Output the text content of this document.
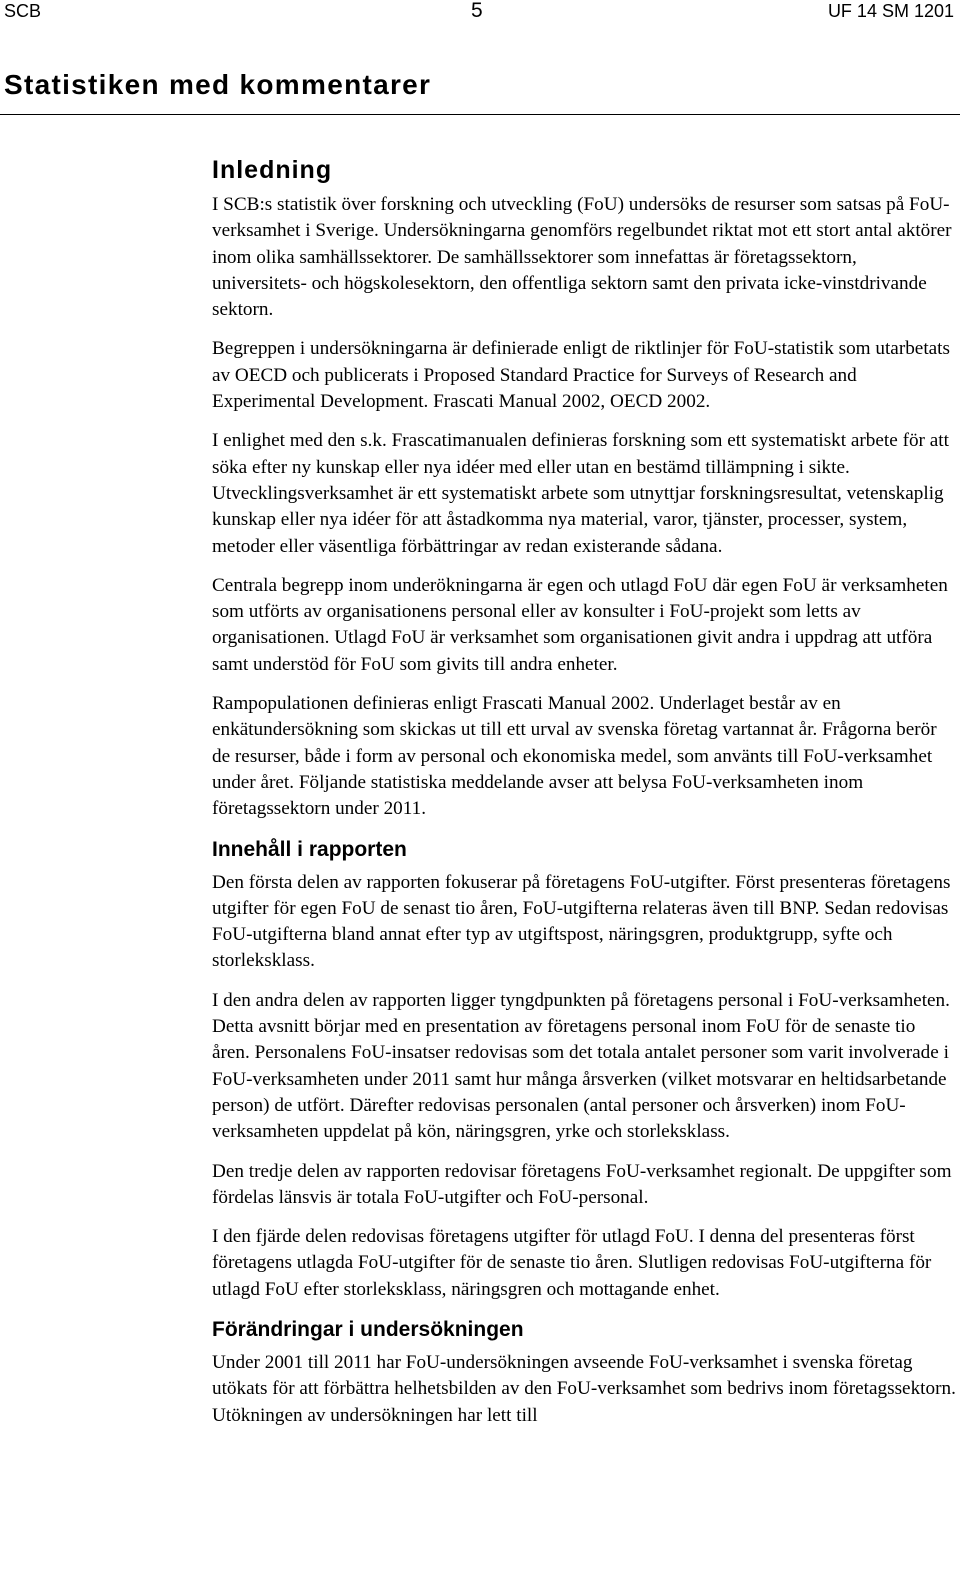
SCB	5	UF 14 SM 1201
Statistiken med kommentarer
Inledning

I SCB:s statistik över forskning och utveckling (FoU) undersöks de resurser som satsas på FoU-verksamhet i Sverige. Undersökningarna genomförs regelbundet riktat mot ett stort antal aktörer inom olika samhällssektorer. De samhällssektorer som innefattas är företagssektorn, universitets- och högskolesektorn, den offentliga sektorn samt den privata icke-vinstdrivande sektorn.

Begreppen i undersökningarna är definierade enligt de riktlinjer för FoU-statistik som utarbetats av OECD och publicerats i Proposed Standard Practice for Surveys of Research and Experimental Development. Frascati Manual 2002, OECD 2002.

I enlighet med den s.k. Frascatimanualen definieras forskning som ett systematiskt arbete för att söka efter ny kunskap eller nya idéer med eller utan en bestämd tillämpning i sikte. Utvecklingsverksamhet är ett systematiskt arbete som utnyttjar forskningsresultat, vetenskaplig kunskap eller nya idéer för att åstadkomma nya material, varor, tjänster, processer, system, metoder eller väsentliga förbättringar av redan existerande sådana.

Centrala begrepp inom underökningarna är egen och utlagd FoU där egen FoU är verksamheten som utförts av organisationens personal eller av konsulter i FoU-projekt som letts av organisationen. Utlagd FoU är verksamhet som organisationen givit andra i uppdrag att utföra samt understöd för FoU som givits till andra enheter.

Rampopulationen definieras enligt Frascati Manual 2002. Underlaget består av en enkätundersökning som skickas ut till ett urval av svenska företag vartannat år. Frågorna berör de resurser, både i form av personal och ekonomiska medel, som använts till FoU-verksamhet under året. Följande statistiska meddelande avser att belysa FoU-verksamheten inom företagssektorn under 2011.

Innehåll i rapporten

Den första delen av rapporten fokuserar på företagens FoU-utgifter. Först presenteras företagens utgifter för egen FoU de senast tio åren, FoU-utgifterna relateras även till BNP. Sedan redovisas FoU-utgifterna bland annat efter typ av utgiftspost, näringsgren, produktgrupp, syfte och storleksklass.

I den andra delen av rapporten ligger tyngdpunkten på företagens personal i FoU-verksamheten. Detta avsnitt börjar med en presentation av företagens personal inom FoU för de senaste tio åren. Personalens FoU-insatser redovisas som det totala antalet personer som varit involverade i FoU-verksamheten under 2011 samt hur många årsverken (vilket motsvarar en heltidsarbetande person) de utfört. Därefter redovisas personalen (antal personer och årsverken) inom FoU-verksamheten uppdelat på kön, näringsgren, yrke och storleksklass.

Den tredje delen av rapporten redovisar företagens FoU-verksamhet regionalt. De uppgifter som fördelas länsvis är totala FoU-utgifter och FoU-personal.

I den fjärde delen redovisas företagens utgifter för utlagd FoU. I denna del presenteras först företagens utlagda FoU-utgifter för de senaste tio åren. Slutligen redovisas FoU-utgifterna för utlagd FoU efter storleksklass, näringsgren och mottagande enhet.

Förändringar i undersökningen

Under 2001 till 2011 har FoU-undersökningen avseende FoU-verksamhet i svenska företag utökats för att förbättra helhetsbilden av den FoU-verksamhet som bedrivs inom företagssektorn. Utökningen av undersökningen har lett till
